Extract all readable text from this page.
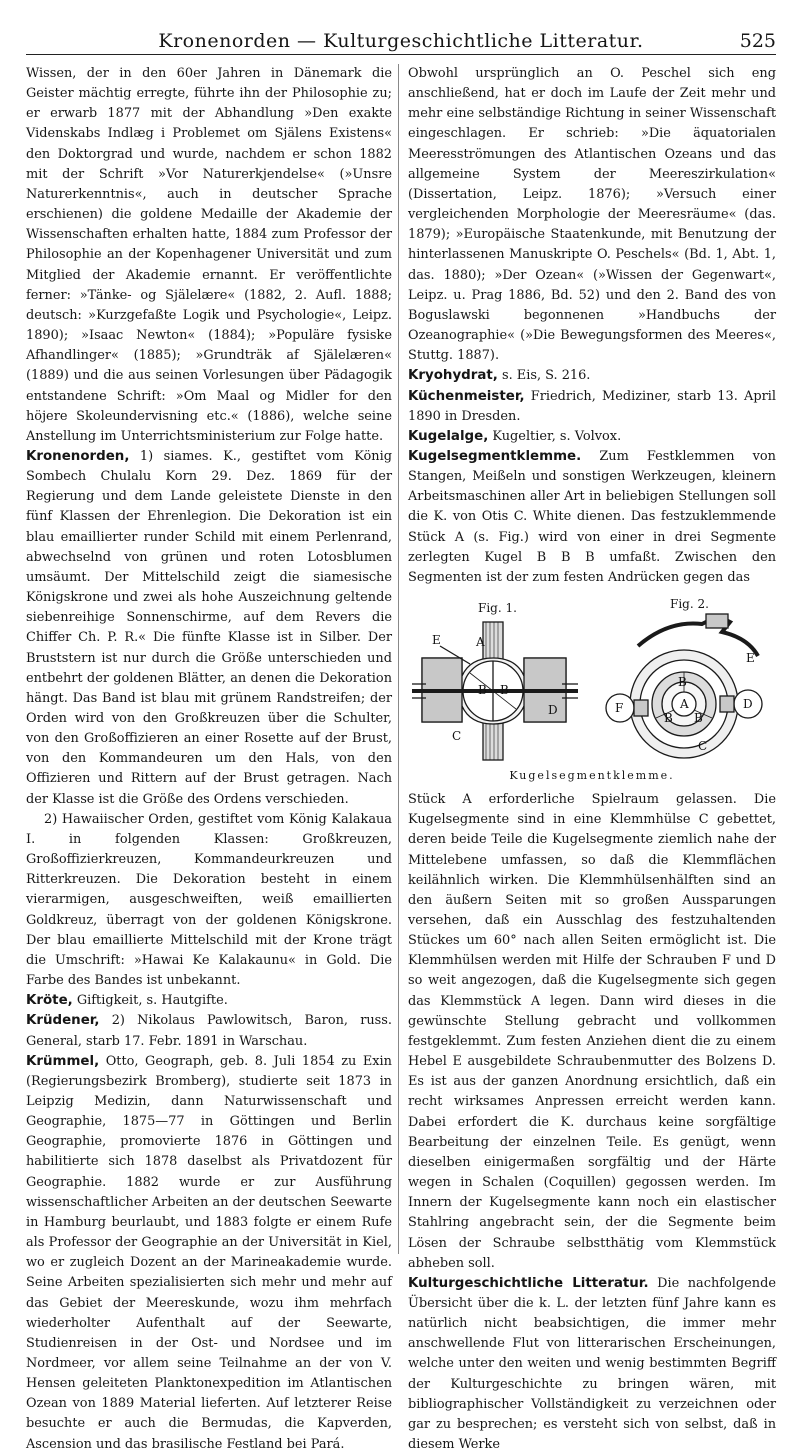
Kronenorden — Kulturgeschichtliche Litteratur.	525

Wissen, der in den 60er Jahren in Dänemark die Geister mächtig erregte, führte ihn der Philosophie zu; er erwarb 1877 mit der Abhandlung »Den exakte Videnskabs Indlæg i Problemet om Själens Existens« den Doktorgrad und wurde, nachdem er schon 1882 mit der Schrift »Vor Naturerkjendelse« (»Unsre Naturerkenntnis«, auch in deutscher Sprache erschienen) die goldene Medaille der Akademie der Wissenschaften erhalten hatte, 1884 zum Professor der Philosophie an der Kopenhagener Universität und zum Mitglied der Akademie ernannt. Er veröffentlichte ferner: »Tänke- og Själelære« (1882, 2. Aufl. 1888; deutsch: »Kurzgefaßte Logik und Psychologie«, Leipz. 1890); »Isaac Newton« (1884); »Populäre fysiske Afhandlinger« (1885); »Grundträk af Själelæren« (1889) und die aus seinen Vorlesungen über Pädagogik entstandene Schrift: »Om Maal og Midler for den höjere Skoleundervisning etc.« (1886), welche seine Anstellung im Unterrichtsministerium zur Folge hatte.

Kronenorden, 1) siames. K., gestiftet vom König Sombech Chulalu Korn 29. Dez. 1869 für der Regierung und dem Lande geleistete Dienste in den fünf Klassen der Ehrenlegion. Die Dekoration ist ein blau emaillierter runder Schild mit einem Perlenrand, abwechselnd von grünen und roten Lotosblumen umsäumt. Der Mittelschild zeigt die siamesische Königskrone und zwei als hohe Auszeichnung geltende siebenreihige Sonnenschirme, auf dem Revers die Chiffer Ch. P. R.« Die fünfte Klasse ist in Silber. Der Bruststern ist nur durch die Größe unterschieden und entbehrt der goldenen Blätter, an denen die Dekoration hängt. Das Band ist blau mit grünem Randstreifen; der Orden wird von den Großkreuzen über die Schulter, von den Großoffizieren an einer Rosette auf der Brust, von den Kommandeuren um den Hals, von den Offizieren und Rittern auf der Brust getragen. Nach der Klasse ist die Größe des Ordens verschieden.

2) Hawaiischer Orden, gestiftet vom König Kalakaua I. in folgenden Klassen: Großkreuzen, Großoffizierkreuzen, Kommandeurkreuzen und Ritterkreuzen. Die Dekoration besteht in einem vierarmigen, ausgeschweiften, weiß emaillierten Goldkreuz, überragt von der goldenen Königskrone. Der blau emaillierte Mittelschild mit der Krone trägt die Umschrift: »Hawai Ke Kalakaunu« in Gold. Die Farbe des Bandes ist unbekannt.

Kröte, Giftigkeit, s. Hautgifte.

Krüdener, 2) Nikolaus Pawlowitsch, Baron, russ. General, starb 17. Febr. 1891 in Warschau.

Krümmel, Otto, Geograph, geb. 8. Juli 1854 zu Exin (Regierungsbezirk Bromberg), studierte seit 1873 in Leipzig Medizin, dann Naturwissenschaft und Geographie, 1875—77 in Göttingen und Berlin Geographie, promovierte 1876 in Göttingen und habilitierte sich 1878 daselbst als Privatdozent für Geographie. 1882 wurde er zur Ausführung wissenschaftlicher Arbeiten an der deutschen Seewarte in Hamburg beurlaubt, und 1883 folgte er einem Rufe als Professor der Geographie an der Universität in Kiel, wo er zugleich Dozent an der Marineakademie wurde. Seine Arbeiten spezialisierten sich mehr und mehr auf das Gebiet der Meereskunde, wozu ihm mehrfach wiederholter Aufenthalt auf der Seewarte, Studienreisen in der Ost- und Nordsee und im Nordmeer, vor allem seine Teilnahme an der von V. Hensen geleiteten Planktonexpedition im Atlantischen Ozean von 1889 Material lieferten. Auf letzterer Reise besuchte er auch die Bermudas, die Kapverden, Ascension und das brasilische Festland bei Pará.

Obwohl ursprünglich an O. Peschel sich eng anschließend, hat er doch im Laufe der Zeit mehr und mehr eine selbständige Richtung in seiner Wissenschaft eingeschlagen. Er schrieb: »Die äquatorialen Meeresströmungen des Atlantischen Ozeans und das allgemeine System der Meereszirkulation« (Dissertation, Leipz. 1876); »Versuch einer vergleichenden Morphologie der Meeresräume« (das. 1879); »Europäische Staatenkunde, mit Benutzung der hinterlassenen Manuskripte O. Peschels« (Bd. 1, Abt. 1, das. 1880); »Der Ozean« (»Wissen der Gegenwart«, Leipz. u. Prag 1886, Bd. 52) und den 2. Band des von Boguslawski begonnenen »Handbuchs der Ozeanographie« (»Die Bewegungsformen des Meeres«, Stuttg. 1887).

Kryohydrat, s. Eis, S. 216.

Küchenmeister, Friedrich, Mediziner, starb 13. April 1890 in Dresden.

Kugelalge, Kugeltier, s. Volvox.

Kugelsegmentklemme. Zum Festklemmen von Stangen, Meißeln und sonstigen Werkzeugen, kleinern Arbeitsmaschinen aller Art in beliebigen Stellungen soll die K. von Otis C. White dienen. Das festzuklemmende Stück A (s. Fig.) wird von einer in drei Segmente zerlegten Kugel B B B umfaßt. Zwischen den Segmenten ist der zum festen Andrücken gegen das

Fig. 1.	Fig. 2.
E	A
B B
C
D
E
F
B
A
B B
D
C
Kugelsegmentklemme.

Stück A erforderliche Spielraum gelassen. Die Kugelsegmente sind in eine Klemmhülse C gebettet, deren beide Teile die Kugelsegmente ziemlich nahe der Mittelebene umfassen, so daß die Klemmflächen keilähnlich wirken. Die Klemmhülsenhälften sind an den äußern Seiten mit so großen Aussparungen versehen, daß ein Ausschlag des festzuhaltenden Stückes um 60° nach allen Seiten ermöglicht ist. Die Klemmhülsen werden mit Hilfe der Schrauben F und D so weit angezogen, daß die Kugelsegmente sich gegen das Klemmstück A legen. Dann wird dieses in die gewünschte Stellung gebracht und vollkommen festgeklemmt. Zum festen Anziehen dient die zu einem Hebel E ausgebildete Schraubenmutter des Bolzens D. Es ist aus der ganzen Anordnung ersichtlich, daß ein recht wirksames Anpressen erreicht werden kann. Dabei erfordert die K. durchaus keine sorgfältige Bearbeitung der einzelnen Teile. Es genügt, wenn dieselben einigermaßen sorgfältig und der Härte wegen in Schalen (Coquillen) gegossen werden. Im Innern der Kugelsegmente kann noch ein elastischer Stahlring angebracht sein, der die Segmente beim Lösen der Schraube selbstthätig vom Klemmstück abheben soll.

Kulturgeschichtliche Litteratur. Die nachfolgende Übersicht über die k. L. der letzten fünf Jahre kann es natürlich nicht beabsichtigen, die immer mehr anschwellende Flut von litterarischen Erscheinungen, welche unter den weiten und wenig bestimmten Begriff der Kulturgeschichte zu bringen wären, mit bibliographischer Vollständigkeit zu verzeichnen oder gar zu besprechen; es versteht sich von selbst, daß in diesem Werke
